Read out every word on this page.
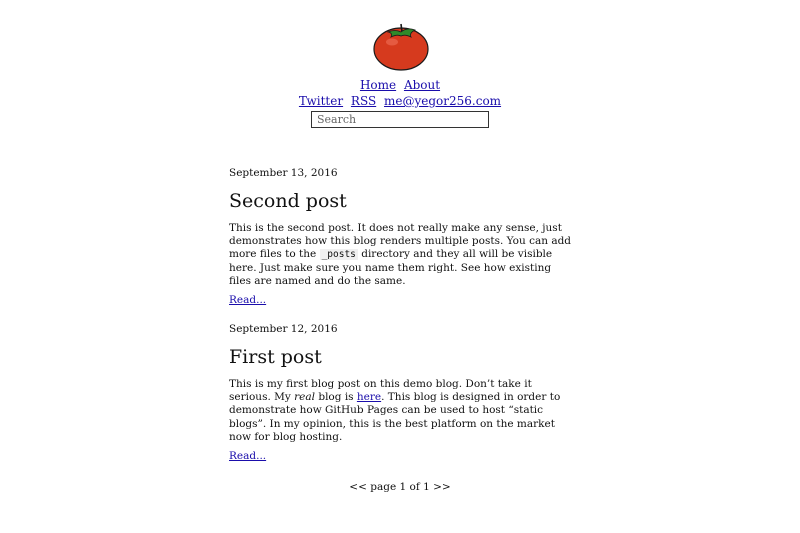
Home About
Twitter RSS me@yegor256.com
Search

September 13, 2016

Second post

This is the second post. It does not really make any sense, just demonstrates how this blog renders multiple posts. You can add more files to the _posts directory and they all will be visible here. Just make sure you name them right. See how existing files are named and do the same.

Read...

September 12, 2016

First post

This is my first blog post on this demo blog. Don’t take it serious. My real blog is here. This blog is designed in order to demonstrate how GitHub Pages can be used to host “static blogs”. In my opinion, this is the best platform on the market now for blog hosting.

Read...
<< page 1 of 1 >>
